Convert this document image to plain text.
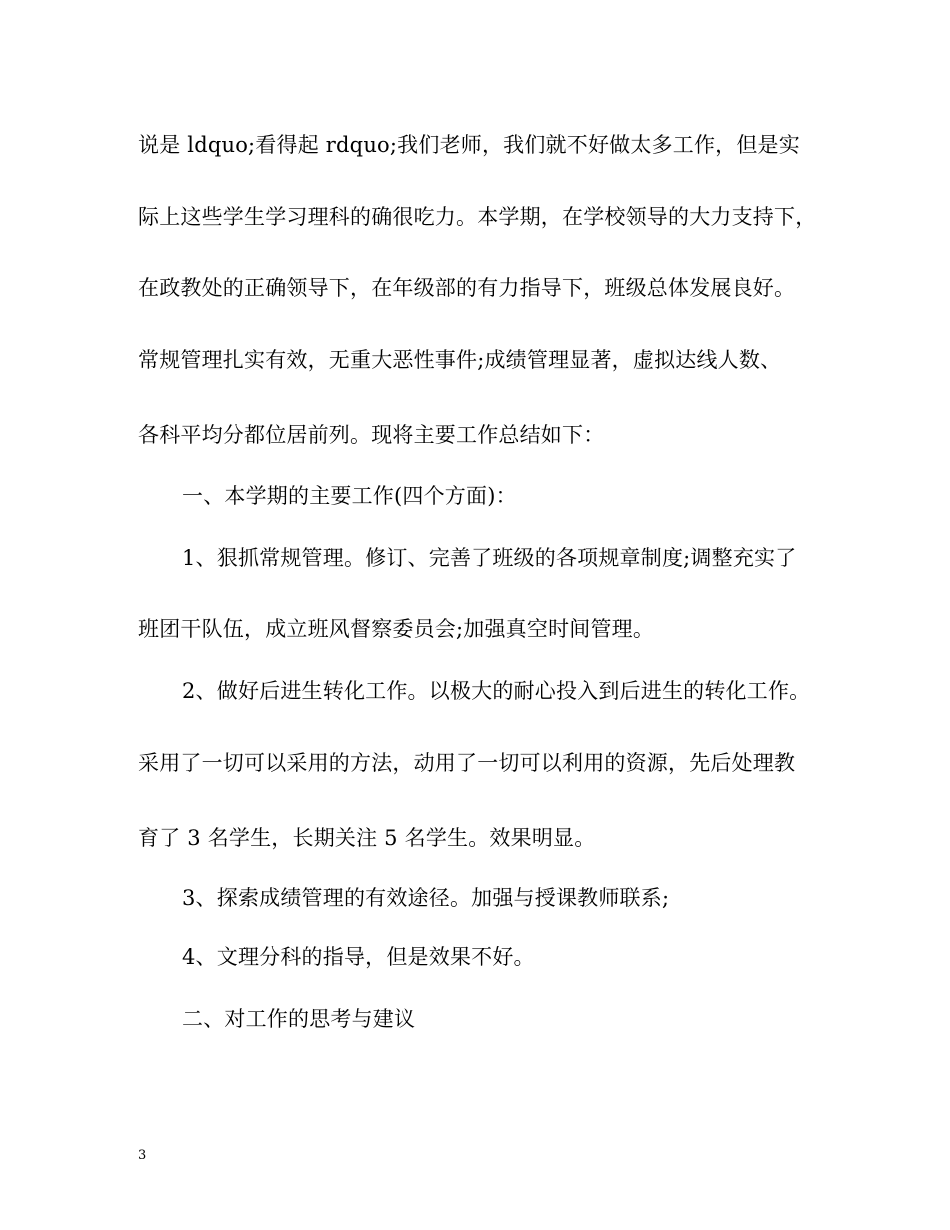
说是 ldquo;看得起 rdquo;我们老师，我们就不好做太多工作，但是实
际上这些学生学习理科的确很吃力。本学期，在学校领导的大力支持下，
在政教处的正确领导下，在年级部的有力指导下，班级总体发展良好。
常规管理扎实有效，无重大恶性事件;成绩管理显著，虚拟达线人数、
各科平均分都位居前列。现将主要工作总结如下：
一、本学期的主要工作(四个方面)：
1、狠抓常规管理。修订、完善了班级的各项规章制度;调整充实了
班团干队伍，成立班风督察委员会;加强真空时间管理。
2、做好后进生转化工作。以极大的耐心投入到后进生的转化工作。
采用了一切可以采用的方法，动用了一切可以利用的资源，先后处理教
育了 3 名学生，长期关注 5 名学生。效果明显。
3、探索成绩管理的有效途径。加强与授课教师联系;
4、文理分科的指导，但是效果不好。
二、对工作的思考与建议
3
